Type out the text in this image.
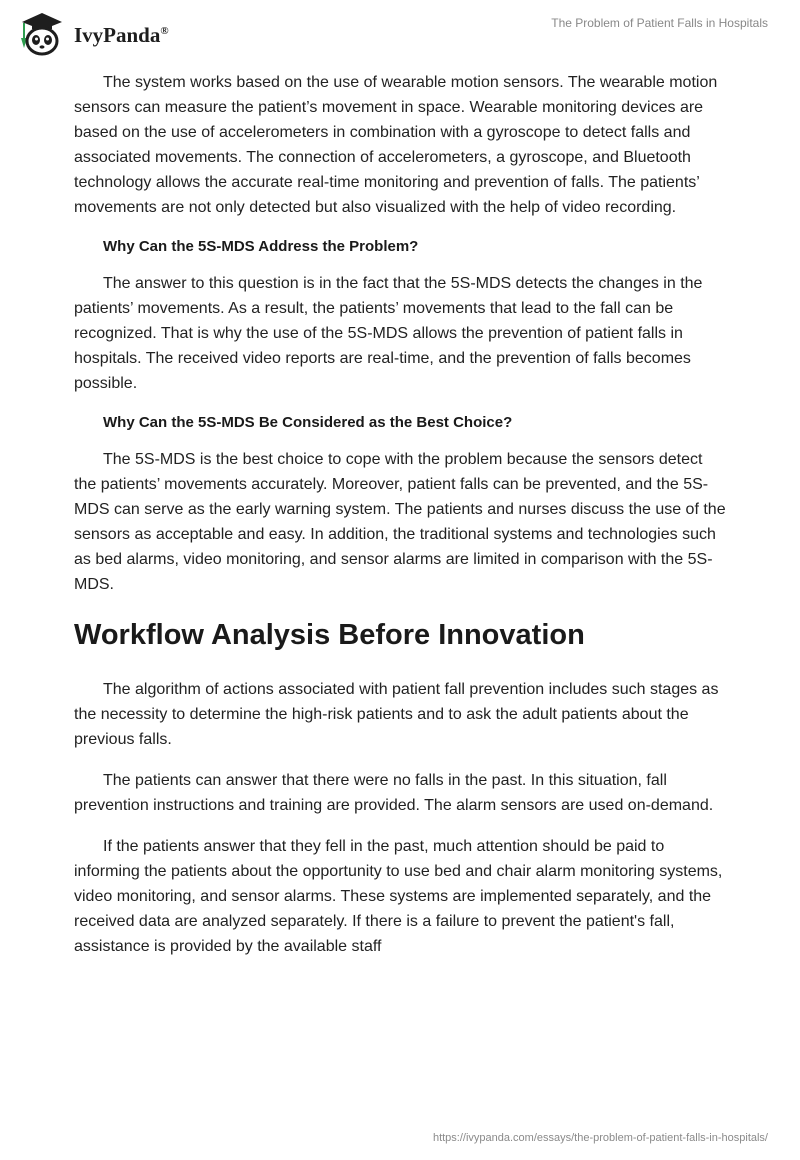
IvyPanda®
The Problem of Patient Falls in Hospitals

The system works based on the use of wearable motion sensors. The wearable motion sensors can measure the patient’s movement in space. Wearable monitoring devices are based on the use of accelerometers in combination with a gyroscope to detect falls and associated movements. The connection of accelerometers, a gyroscope, and Bluetooth technology allows the accurate real-time monitoring and prevention of falls. The patients’ movements are not only detected but also visualized with the help of video recording.

Why Can the 5S-MDS Address the Problem?

The answer to this question is in the fact that the 5S-MDS detects the changes in the patients’ movements. As a result, the patients’ movements that lead to the fall can be recognized. That is why the use of the 5S-MDS allows the prevention of patient falls in hospitals. The received video reports are real-time, and the prevention of falls becomes possible.

Why Can the 5S-MDS Be Considered as the Best Choice?

The 5S-MDS is the best choice to cope with the problem because the sensors detect the patients’ movements accurately. Moreover, patient falls can be prevented, and the 5S-MDS can serve as the early warning system. The patients and nurses discuss the use of the sensors as acceptable and easy. In addition, the traditional systems and technologies such as bed alarms, video monitoring, and sensor alarms are limited in comparison with the 5S-MDS.

Workflow Analysis Before Innovation

The algorithm of actions associated with patient fall prevention includes such stages as the necessity to determine the high-risk patients and to ask the adult patients about the previous falls.

The patients can answer that there were no falls in the past. In this situation, fall prevention instructions and training are provided. The alarm sensors are used on-demand.

If the patients answer that they fell in the past, much attention should be paid to informing the patients about the opportunity to use bed and chair alarm monitoring systems, video monitoring, and sensor alarms. These systems are implemented separately, and the received data are analyzed separately. If there is a failure to prevent the patient's fall, assistance is provided by the available staff

https://ivypanda.com/essays/the-problem-of-patient-falls-in-hospitals/
